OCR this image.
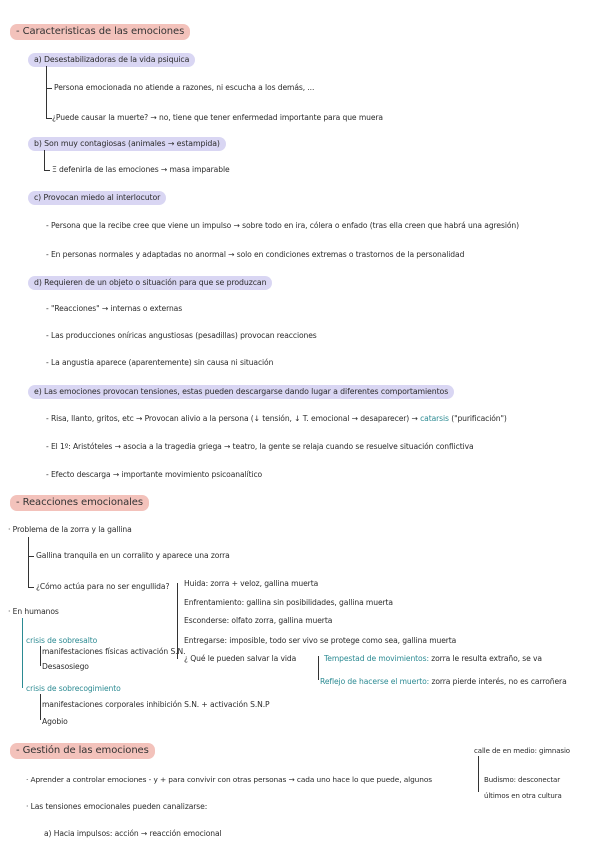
- Caracteristicas de las emociones
a) Desestabilizadoras de la vida psiquica
Persona emocionada no atiende a razones, ni escucha a los demás, ...
¿Puede causar la muerte? → no, tiene que tener enfermedad importante para que muera
b) Son muy contagiosas (animales → estampida)
Ξ defenirla de las emociones → masa imparable
c) Provocan miedo al interlocutor
- Persona que la recibe cree que viene un impulso → sobre todo en ira, cólera o enfado (tras ella creen que habrá una agresión)
- En personas normales y adaptadas no anormal → solo en condiciones extremas o trastornos de la personalidad
d) Requieren de un objeto o situación para que se produzcan
- "Reacciones" → internas o externas
- Las producciones oníricas angustiosas (pesadillas) provocan reacciones
- La angustia aparece (aparentemente) sin causa ni situación
e) Las emociones provocan tensiones, estas pueden descargarse dando lugar a diferentes comportamientos
- Risa, llanto, gritos, etc → Provocan alivio a la persona (↓ tensión, ↓ T. emocional → desaparecer) → catarsis ("purificación")
- El 1º: Aristóteles → asocia a la tragedia griega → teatro, la gente se relaja cuando se resuelve situación conflictiva
- Efecto descarga → importante movimiento psicoanalítico
- Reacciones emocionales
· Problema de la zorra y la gallina
Gallina tranquila en un corralito y aparece una zorra
¿Cómo actúa para no ser engullida? Huida: zorra + veloz, gallina muerta
Enfrentamiento: gallina sin posibilidades, gallina muerta
Esconderse: olfato zorra, gallina muerta
Entregarse: imposible, todo ser vivo se protege como sea, gallina muerta
¿ Qué le pueden salvar la vida	Tempestad de movimientos: zorra le resulta extraño, se va
Reflejo de hacerse el muerto: zorra pierde interés, no es carroñera
· En humanos
crisis de sobresalto
manifestaciones físicas activación S.N.
Desasosiego
crisis de sobrecogimiento
manifestaciones corporales inhibición S.N. + activación S.N.P
Agobio
- Gestión de las emociones	calle de en medio: gimnasio
· Aprender a controlar emociones - y + para convivir con otras personas → cada uno hace lo que puede, algunos	Budismo: desconectar
últimos en otra cultura
· Las tensiones emocionales pueden canalizarse:
a) Hacia impulsos: acción → reacción emocional
